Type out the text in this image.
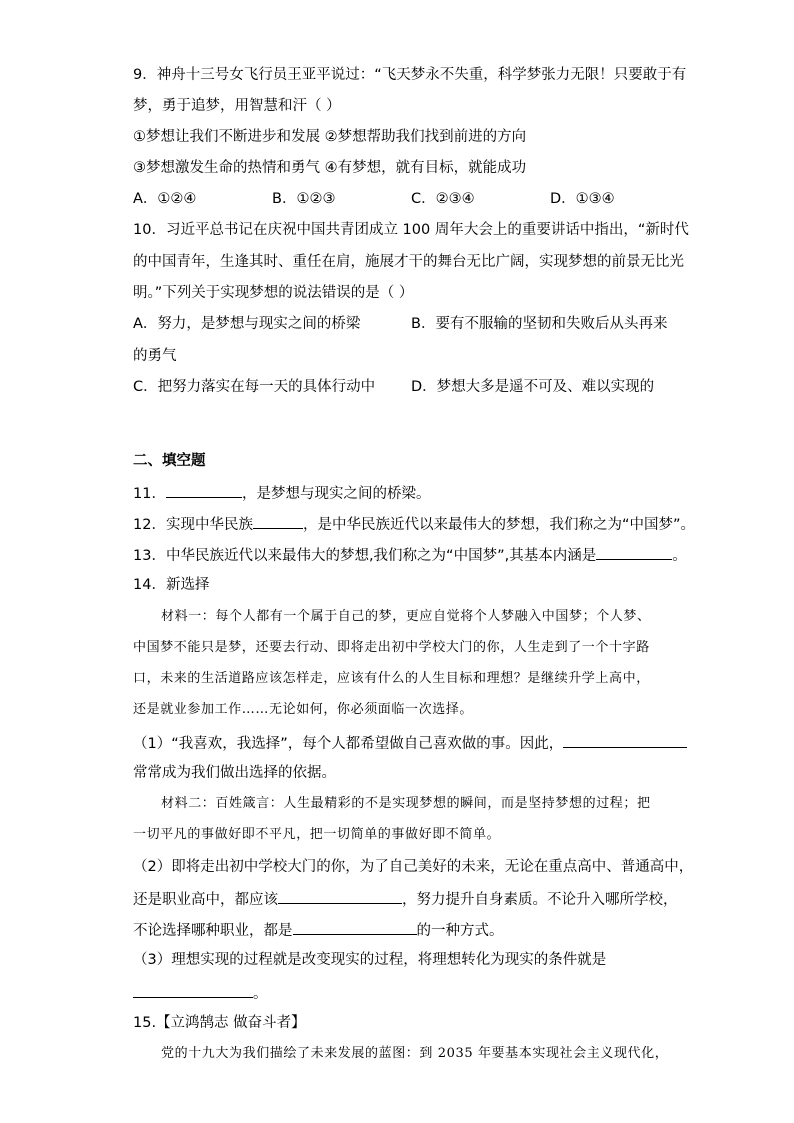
9．神舟十三号女飞行员王亚平说过：“飞天梦永不失重，科学梦张力无限！只要敢于有
梦，勇于追梦，用智慧和汗（ ）
①梦想让我们不断进步和发展 ②梦想帮助我们找到前进的方向
③梦想激发生命的热情和勇气 ④有梦想，就有目标，就能成功
A．①②④	B．①②③	C．②③④	D．①③④
10．习近平总书记在庆祝中国共青团成立 100 周年大会上的重要讲话中指出，“新时代
的中国青年，生逢其时、重任在肩，施展才干的舞台无比广阔，实现梦想的前景无比光
明。”下列关于实现梦想的说法错误的是（ ）
A．努力，是梦想与现实之间的桥梁	B．要有不服输的坚韧和失败后从头再来
的勇气
C．把努力落实在每一天的具体行动中 D．梦想大多是遥不可及、难以实现的
二、填空题
11．	，是梦想与现实之间的桥梁。
12．实现中华民族	，是中华民族近代以来最伟大的梦想，我们称之为“中国梦”。
13．中华民族近代以来最伟大的梦想,我们称之为“中国梦”,其基本内涵是	。
14．新选择
材料一：每个人都有一个属于自己的梦，更应自觉将个人梦融入中国梦；个人梦、
中国梦不能只是梦，还要去行动、即将走出初中学校大门的你，人生走到了一个十字路
口，未来的生活道路应该怎样走，应该有什么的人生目标和理想？是继续升学上高中，
还是就业参加工作……无论如何，你必须面临一次选择。
（1）“我喜欢，我选择”，每个人都希望做自己喜欢做的事。因此，
常常成为我们做出选择的依据。
材料二：百姓箴言：人生最精彩的不是实现梦想的瞬间，而是坚持梦想的过程；把
一切平凡的事做好即不平凡，把一切简单的事做好即不简单。
（2）即将走出初中学校大门的你，为了自己美好的未来，无论在重点高中、普通高中，
还是职业高中，都应该	，努力提升自身素质。不论升入哪所学校，
不论选择哪种职业，都是	的一种方式。
（3）理想实现的过程就是改变现实的过程，将理想转化为现实的条件就是
。
15.【立鸿鹄志 做奋斗者】
党的十九大为我们描绘了未来发展的蓝图：到 2035 年要基本实现社会主义现代化，
